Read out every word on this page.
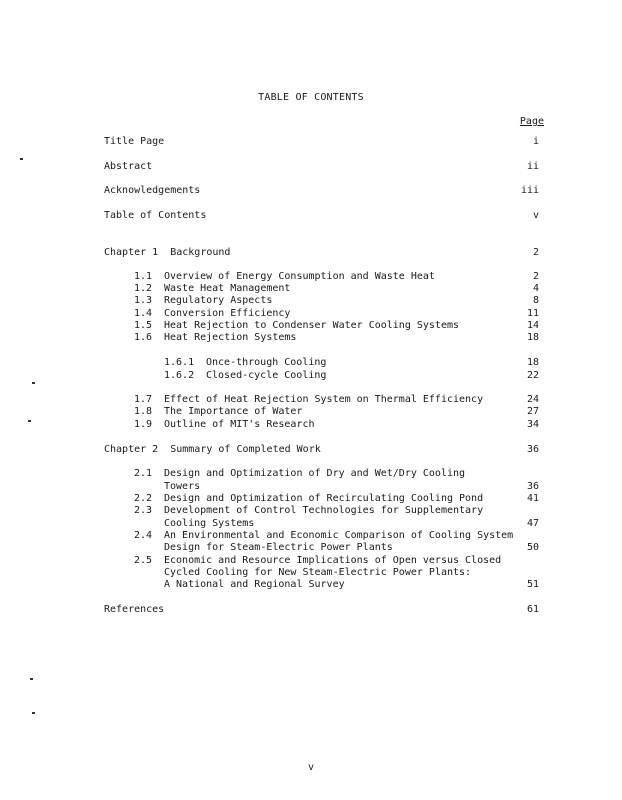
TABLE OF CONTENTS
Page
Title Page	i
Abstract	ii
Acknowledgements	iii
Table of Contents	v
Chapter 1  Background	2
1.1 Overview of Energy Consumption and Waste Heat	2
1.2 Waste Heat Management	4
1.3 Regulatory Aspects	8
1.4 Conversion Efficiency	11
1.5 Heat Rejection to Condenser Water Cooling Systems	14
1.6 Heat Rejection Systems	18
1.6.1 Once-through Cooling	18
1.6.2 Closed-cycle Cooling	22
1.7 Effect of Heat Rejection System on Thermal Efficiency	24
1.8 The Importance of Water	27
1.9 Outline of MIT's Research	34
Chapter 2  Summary of Completed Work	36
2.1 Design and Optimization of Dry and Wet/Dry Cooling
Towers	36
2.2 Design and Optimization of Recirculating Cooling Pond	41
2.3 Development of Control Technologies for Supplementary
Cooling Systems	47
2.4 An Environmental and Economic Comparison of Cooling System
Design for Steam-Electric Power Plants	50
2.5 Economic and Resource Implications of Open versus Closed
Cycled Cooling for New Steam-Electric Power Plants:
A National and Regional Survey	51
References	61
v
